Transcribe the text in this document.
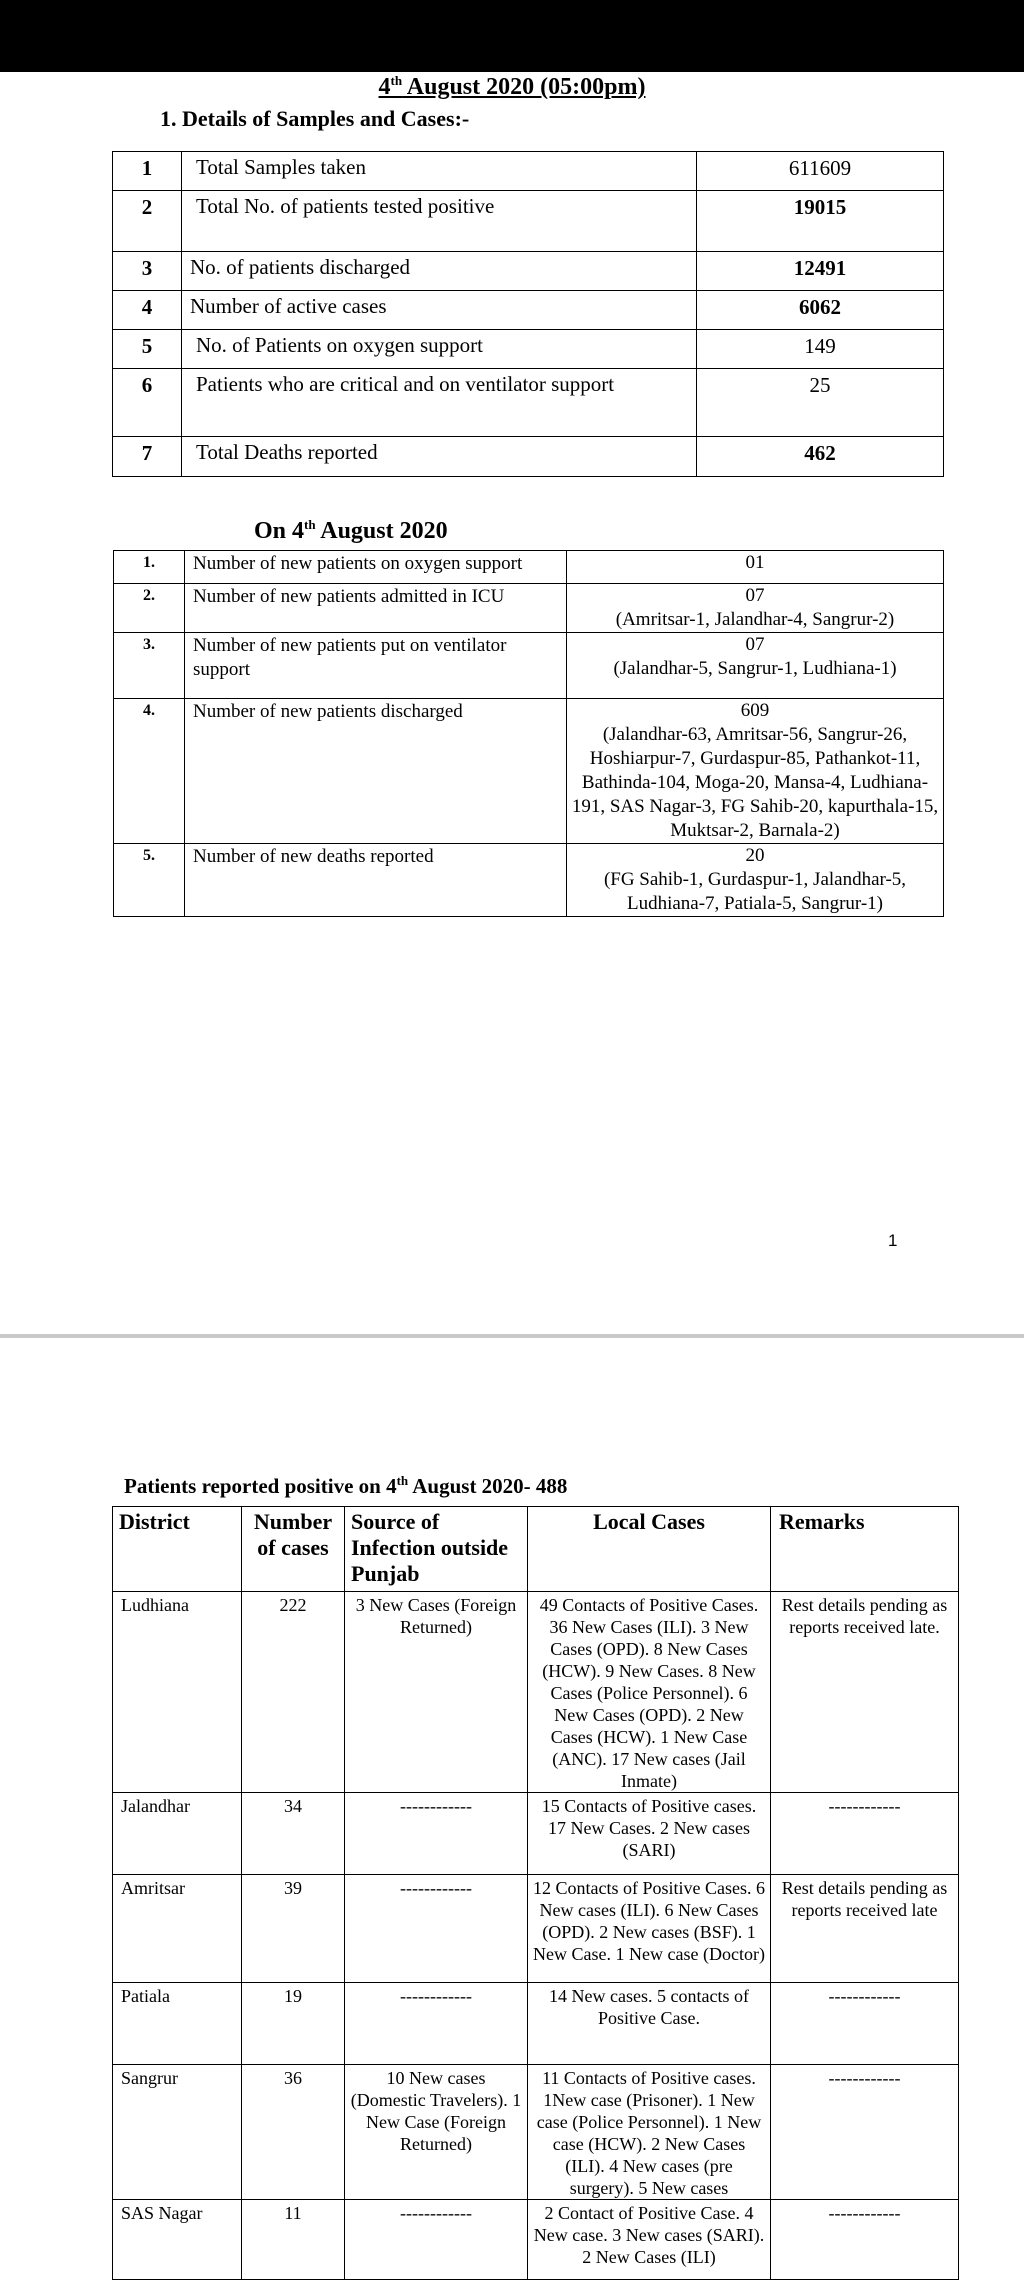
4th August 2020 (05:00pm)
1. Details of Samples and Cases:-
1	Total Samples taken	611609
2	Total No. of patients tested positive	19015
3	No. of patients discharged	12491
4	Number of active cases	6062
5	No. of Patients on oxygen support	149
6	Patients who are critical and on ventilator support	25
7	Total Deaths reported	462
On 4th August 2020
1.	Number of new patients on oxygen support	01

2.	Number of new patients admitted in ICU	07
(Amritsar-1, Jalandhar-4, Sangrur-2)

3.	Number of new patients put on ventilator support	07
(Jalandhar-5, Sangrur-1, Ludhiana-1)

4.	Number of new patients discharged	609
(Jalandhar-63, Amritsar-56, Sangrur-26, Hoshiarpur-7, Gurdaspur-85, Pathankot-11, Bathinda-104, Moga-20, Mansa-4, Ludhiana-191, SAS Nagar-3, FG Sahib-20, kapurthala-15, Muktsar-2, Barnala-2)

5.	Number of new deaths reported	20
(FG Sahib-1, Gurdaspur-1, Jalandhar-5, Ludhiana-7, Patiala-5, Sangrur-1)
1
Patients reported positive on 4th August 2020- 488
District	Number of cases	Source of Infection outside Punjab	Local Cases	Remarks
Ludhiana	222	3 New Cases (Foreign Returned)	49 Contacts of Positive Cases. 36 New Cases (ILI). 3 New Cases (OPD). 8 New Cases (HCW). 9 New Cases. 8 New Cases (Police Personnel). 6 New Cases (OPD). 2 New Cases (HCW). 1 New Case (ANC). 17 New cases (Jail Inmate)	Rest details pending as reports received late.
Jalandhar	34	------------	15 Contacts of Positive cases. 17 New Cases. 2 New cases (SARI)	------------
Amritsar	39	------------	12 Contacts of Positive Cases. 6 New cases (ILI). 6 New Cases (OPD). 2 New cases (BSF). 1 New Case. 1 New case (Doctor)	Rest details pending as reports received late
Patiala	19	------------	14 New cases. 5 contacts of Positive Case.	------------
Sangrur	36	10 New cases (Domestic Travelers). 1 New Case (Foreign Returned)	11 Contacts of Positive cases. 1New case (Prisoner). 1 New case (Police Personnel). 1 New case (HCW). 2 New Cases (ILI). 4 New cases (pre surgery). 5 New cases	------------
SAS Nagar	11	------------	2 Contact of Positive Case. 4 New case. 3 New cases (SARI). 2 New Cases (ILI)	------------
